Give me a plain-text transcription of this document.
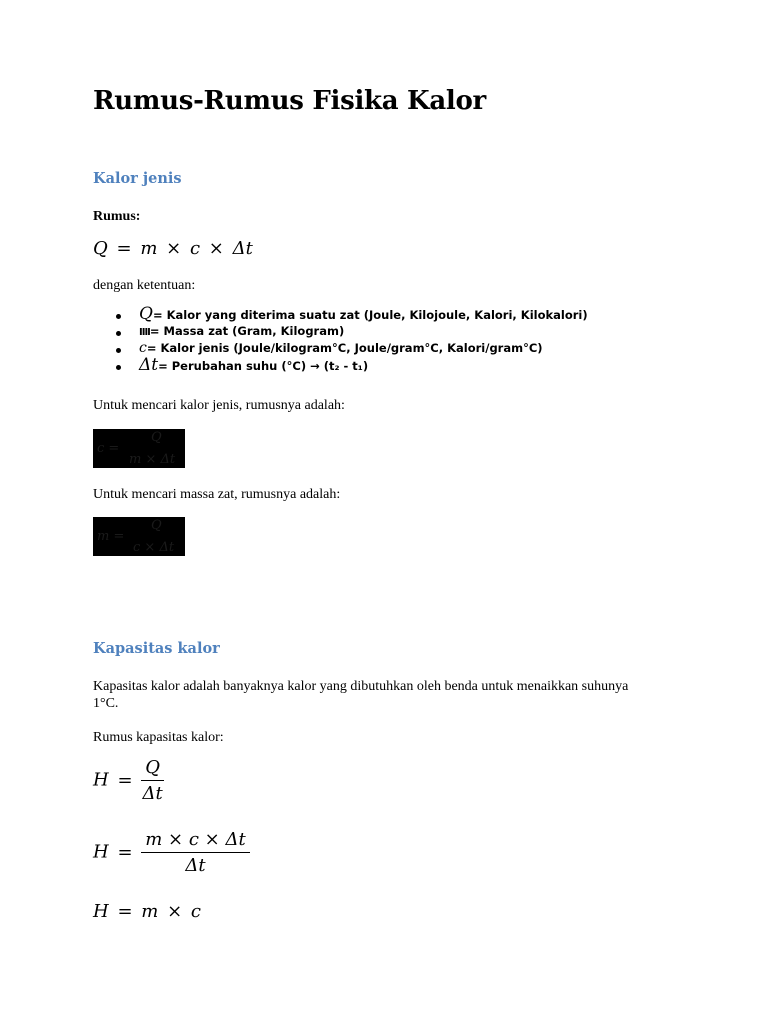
Rumus-Rumus Fisika Kalor
Kalor jenis
Rumus:
Q = m × c × Δt
dengan ketentuan:
Q= Kalor yang diterima suatu zat (Joule, Kilojoule, Kalori, Kilokalori)
IIII= Massa zat (Gram, Kilogram)
c= Kalor jenis (Joule/kilogram°C, Joule/gram°C, Kalori/gram°C)
Δt= Perubahan suhu (°C) → (t₂ - t₁)
Untuk mencari kalor jenis, rumusnya adalah:
Q
c =
m × Δt
Untuk mencari massa zat, rumusnya adalah:
Q
m =
c × Δt
Kapasitas kalor
Kapasitas kalor adalah banyaknya kalor yang dibutuhkan oleh benda untuk menaikkan suhunya 1°C.
Rumus kapasitas kalor:
$H = \frac{Q}{\Delta t}$
$H = \frac{m \times c \times \Delta t}{\Delta t}$
H = m × c
